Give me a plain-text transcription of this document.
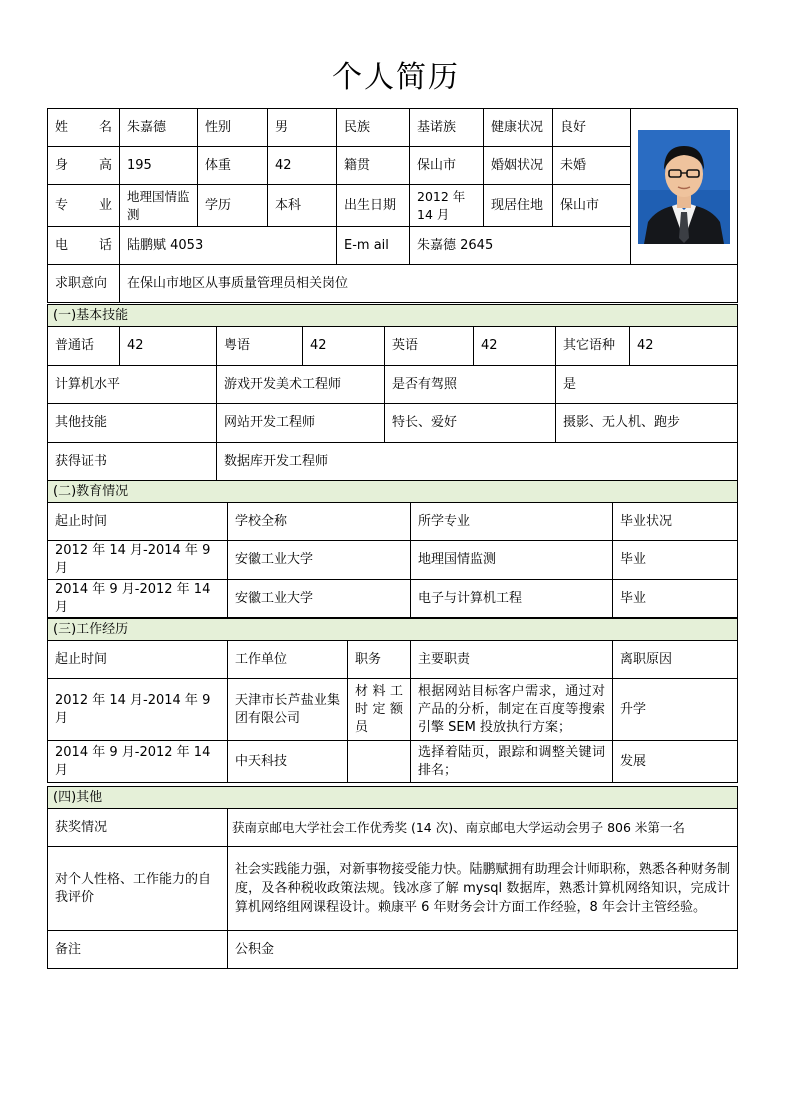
个人简历
姓 名	朱嘉德	性别	男	民族	基诺族	健康状况	良好	

身 高	195	体重	42	籍贯	保山市	婚姻状况	未婚	
专 业	地理国情监测	学历	本科	出生日期	2012 年 14 月	现居住地	保山市	
电 话	陆鹏赋 4053			E-m ail	朱嘉德 2645			
求职意向	在保山市地区从事质量管理员相关岗位							
(一)基本技能							
普通话	42	粤语	42	英语	42	其它语种	42
计算机水平		游戏开发美术工程师		是否有驾照		是	
其他技能		网站开发工程师		特长、爱好		摄影、无人机、跑步	
获得证书		数据库开发工程师					
(二)教育情况			
起止时间	学校全称	所学专业	毕业状况
2012 年 14 月-2014 年 9 月	安徽工业大学	地理国情监测	毕业
2014 年 9 月-2012 年 14 月	安徽工业大学	电子与计算机工程	毕业
(三)工作经历				
起止时间	工作单位	职务	主要职责	离职原因
2012 年 14 月-2014 年 9 月	天津市长芦盐业集团有限公司	材料工时定额员	根据网站目标客户需求，通过对产品的分析，制定在百度等搜索引擎 SEM 投放执行方案；	升学
2014 年 9 月-2012 年 14 月	中天科技		选择着陆页，跟踪和调整关键词排名；	发展
(四)其他	
获奖情况	获南京邮电大学社会工作优秀奖 (14 次)、南京邮电大学运动会男子 806 米第一名
对个人性格、工作能力的自我评价	社会实践能力强，对新事物接受能力快。陆鹏赋拥有助理会计师职称，熟悉各种财务制度，及各种税收政策法规。钱冰彦了解 mysql 数据库，熟悉计算机网络知识，完成计算机网络组网课程设计。赖康平 6 年财务会计方面工作经验，8 年会计主管经验。
备注	公积金
